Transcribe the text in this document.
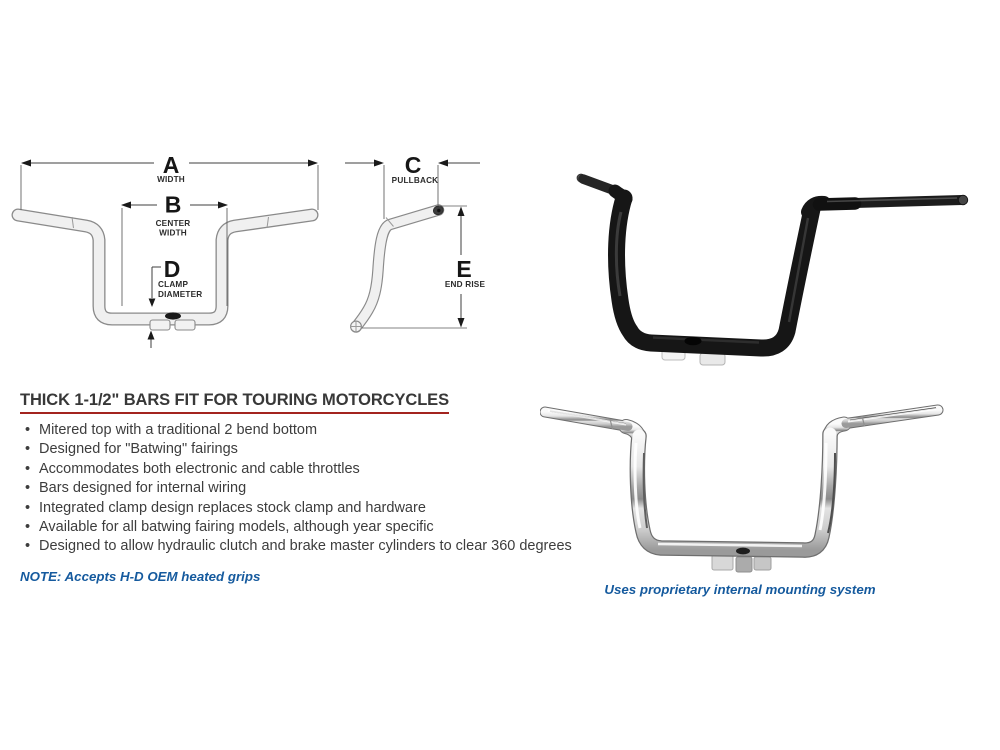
A
WIDTH
B
CENTER
WIDTH
D
CLAMP
DIAMETER
C
PULLBACK
E
END RISE
THICK 1-1/2" BARS FIT FOR TOURING MOTORCYCLES
• Mitered top with a traditional 2 bend bottom
• Designed for "Batwing" fairings
• Accommodates both electronic and cable throttles
• Bars designed for internal wiring
• Integrated clamp design replaces stock clamp and hardware
• Available for all batwing fairing models, although year specific
• Designed to allow hydraulic clutch and brake master cylinders to clear 360 degrees
NOTE: Accepts H-D OEM heated grips
Uses proprietary internal mounting system
